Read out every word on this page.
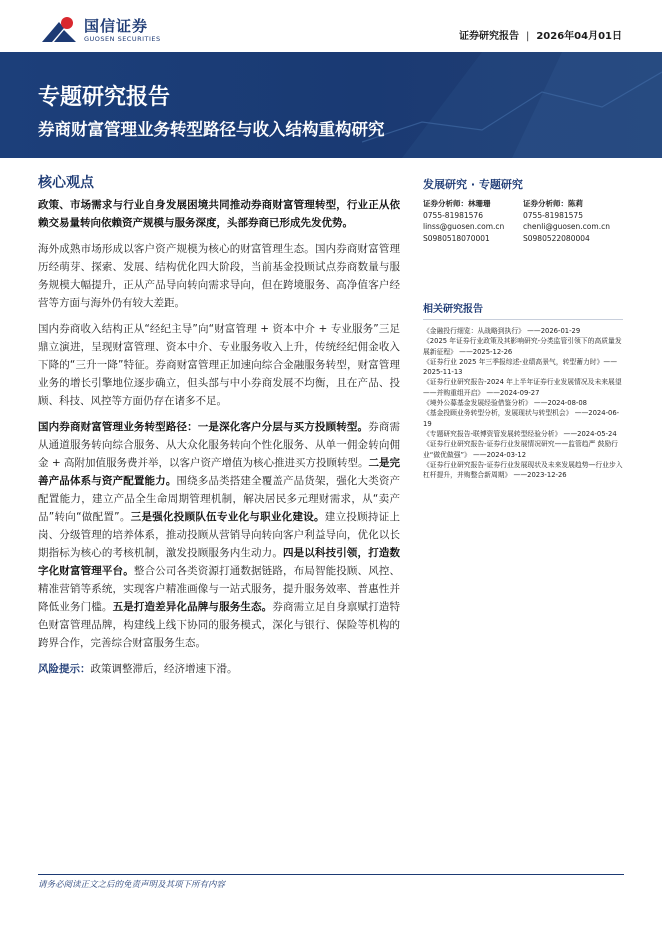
国信证券
GUOSEN SECURITIES	证券研究报告 | 2026年04月01日
专题研究报告
券商财富管理业务转型路径与收入结构重构研究
核心观点

政策、市场需求与行业自身发展困境共同推动券商财富管理转型，行业正从依赖交易量转向依赖资产规模与服务深度，头部券商已形成先发优势。

海外成熟市场形成以客户资产规模为核心的财富管理生态。国内券商财富管理历经萌芽、探索、发展、结构优化四大阶段，当前基金投顾试点券商数量与服务规模大幅提升，正从产品导向转向需求导向，但在跨境服务、高净值客户经营等方面与海外仍有较大差距。

国内券商收入结构正从“经纪主导”向“财富管理 + 资本中介 + 专业服务”三足鼎立演进，呈现财富管理、资本中介、专业服务收入上升，传统经纪佣金收入下降的“三升一降”特征。券商财富管理正加速向综合金融服务转型，财富管理业务的增长引擎地位逐步确立，但头部与中小券商发展不均衡，且在产品、投顾、科技、风控等方面仍存在诸多不足。

国内券商财富管理业务转型路径：一是深化客户分层与买方投顾转型。券商需从通道服务转向综合服务、从大众化服务转向个性化服务、从单一佣金转向佣金 + 高附加值服务费并举，以客户资产增值为核心推进买方投顾转型。二是完善产品体系与资产配置能力。围绕多品类搭建全覆盖产品货架，强化大类资产配置能力，建立产品全生命周期管理机制，解决居民多元理财需求，从“卖产品”转向“做配置”。三是强化投顾队伍专业化与职业化建设。建立投顾持证上岗、分级管理的培养体系，推动投顾从营销导向转向客户利益导向，优化以长期指标为核心的考核机制，激发投顾服务内生动力。四是以科技引领，打造数字化财富管理平台。整合公司各类资源打通数据链路，布局智能投顾、风控、精准营销等系统，实现客户精准画像与一站式服务，提升服务效率、普惠性并降低业务门槛。五是打造差异化品牌与服务生态。券商需立足自身禀赋打造特色财富管理品牌，构建线上线下协同的服务模式，深化与银行、保险等机构的跨界合作，完善综合财富服务生态。

风险提示：政策调整滞后，经济增速下滑。

发展研究 · 专题研究
证券分析师：林珊珊
0755-81981576
linss@guosen.com.cn
S0980518070001
证券分析师：陈莉
0755-81981575
chenli@guosen.com.cn
S0980522080004
相关研究报告
《金融投行细览：从战略到执行》 ——2026-01-29
《2025 年证券行业政策及其影响研究-分类监管引领下的高质量发展新征程》 ——2025-12-26
《证券行业 2025 年三季报综述-业绩高景气，转型蓄力时》——2025-11-13
《证券行业研究报告-2024 年上半年证券行业发展情况及未来展望——并购重组开启》 ——2024-09-27
《境外公募基金发展经验借鉴分析》 ——2024-08-08
《基金投顾业务转型分析，发展现状与转型机会》 ——2024-06-19
《专题研究报告-联博资管发展转型经验分析》 ——2024-05-24
《证券行业研究报告-证券行业发展情况研究——监管趋严 鼓励行业“做优做强”》 ——2024-03-12
《证券行业研究报告-证券行业发展现状及未来发展趋势—行业步入杠杆提升，并购整合新周期》 ——2023-12-26
请务必阅读正文之后的免责声明及其项下所有内容
